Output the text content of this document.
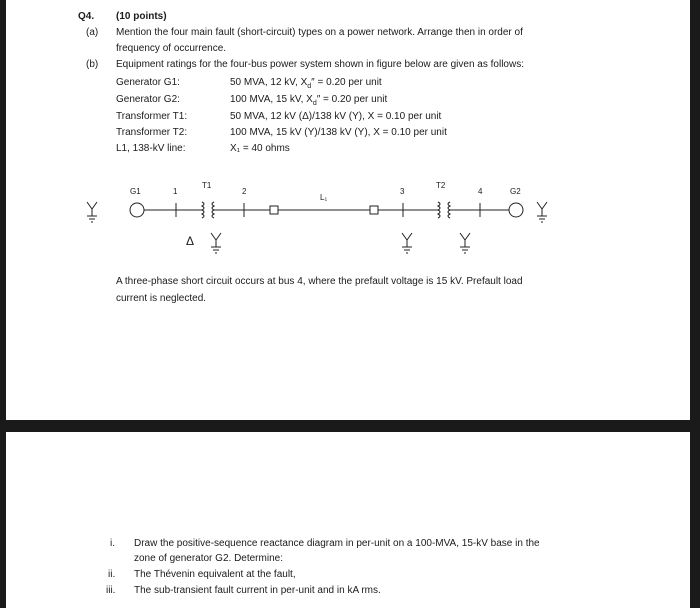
Q4. (10 points)
(a) Mention the four main fault (short-circuit) types on a power network. Arrange then in order of
frequency of occurrence.
(b) Equipment ratings for the four-bus power system shown in figure below are given as follows:
Generator G1:	50 MVA, 12 kV, $X_d'' = 0.20$ per unit
Generator G2:	100 MVA, 15 kV, $X_d'' = 0.20$ per unit
Transformer T1:	50 MVA, 12 kV (Δ)/138 kV (Y), X = 0.10 per unit
Transformer T2:	100 MVA, 15 kV (Y)/138 kV (Y), X = 0.10 per unit
L1, 138-kV line:	X₁ = 40 ohms
G1	1
T1
2
L₁
3
T2
4	G2
Δ
A three-phase short circuit occurs at bus 4, where the prefault voltage is 15 kV. Prefault load
current is neglected.
i. Draw the positive-sequence reactance diagram in per-unit on a 100-MVA, 15-kV base in the
zone of generator G2. Determine:
ii. The Thévenin equivalent at the fault,
iii. The sub-transient fault current in per-unit and in kA rms.
